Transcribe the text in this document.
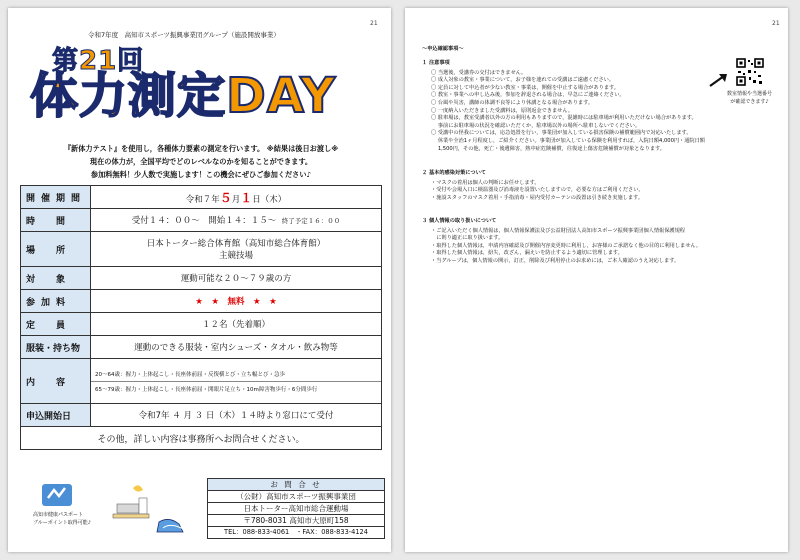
21
令和7年度　高知市スポーツ振興事業団グループ（施設開放事業）
第21回
体力測定DAY
『新体力テスト』を使用し，各種体力要素の測定を行います。 ※結果は後日お渡し※
現在の体力が，全国平均でどのレベルなのかを知ることができます。
参加料無料！少人数で実施します！この機会にぜひご参加ください♪
開催期間	令和７年５月１日（木）
時　間	受付１４：００～　開始１４：１５～ 終了予定１６：００
場　所	日本トーター総合体育館（高知市総合体育館）
主競技場
対　象	運動可能な２０～７９歳の方
参加料	★　★　無料　★　★
定　員	１２名（先着順）
服装・持ち物	運動のできる服装・室内シューズ・タオル・飲み物等
内　容	20～64歳：握力・上体起こし・長座体前屈・反復横とび・立ち幅とび・急歩
65～79歳：握力・上体起こし・長座体前屈・開眼片足立ち・10m障害物歩行・6分間歩行

申込開始日	令和7年 ４ 月 ３ 日（木）１４時より窓口にて受付
その他，詳しい内容は事務所へお問合せください。	
高知市健康パスポート
ブルーポイント取得可能♪
お 問 合 せ
（公財）高知市スポーツ振興事業団
日本トーター高知市総合運動場
〒780-8031 高知市大原町158
TEL：088-833-4061　・FAX：088-833-4124
21
数室情報や当選番号
が確認できます♪
～申込確認事項～
１ 注意事項
〇 当選後，受講券の交付はできません。
〇 成人対象の教室・事業について，お子様を連れての受講はご遠慮ください。
〇 定員に対して申込者が少ない教室・事業は，開催を中止する場合があります。
〇 教室・事業への申し込み後，参加を辞退される場合は，早急にご連絡ください。
〇 台風や災害，講師の体調不良等により休講となる場合があります。
〇 一度納入いただきました受講料は，原則返金できません。
〇 駐車場は，教室受講者以外の方の利用もありますので，混雑時には駐車場が利用いただけない場合があります。
　 事前にお駐車場の状況を確認いただくか，駐車場以外の場所へ駐車しないでください。
〇 受講中の怪我については，応急処置を行い，事業団が加入している損害保険の補償範囲内で対応いたします。
　 休業や全治1ヶ月程度し，ご紹介ください。事業団が加入している保険を利用すれば，入院日額4,000円・通院日額
　 1,500円，その他，死亡・後遺障害，熱中症危険補償，往復途上傷害危険補償が対象となります。
２ 基本的感染対策について
・マスクの着用は個人の判断にお任せします。
・受付や会場入口に検温器及び消毒液を設置いたしますので，必要な方はご利用ください。
・施設スタッフのマスク着用・手指消毒・屋内受付カーテンの設置は引き続き実施します。
３ 個人情報の取り扱いについて
・ご記入いただく個人情報は，個人情報保護法及び公益財団法人高知市スポーツ振興事業団個人情報保護規程
　に則り適正に取り扱います。
・取得した個人情報は，申請内容確認及び開催内容変更時に利用し，お客様のご承諾なく他の目的に利用しません。
・取得した個人情報は，紛失，改ざん，漏えいを防止するよう適切に管理します。
・当グループは，個人情報の開示，訂正，削除及び利用停止のお求めには，ご本人確認のうえ対応します。
